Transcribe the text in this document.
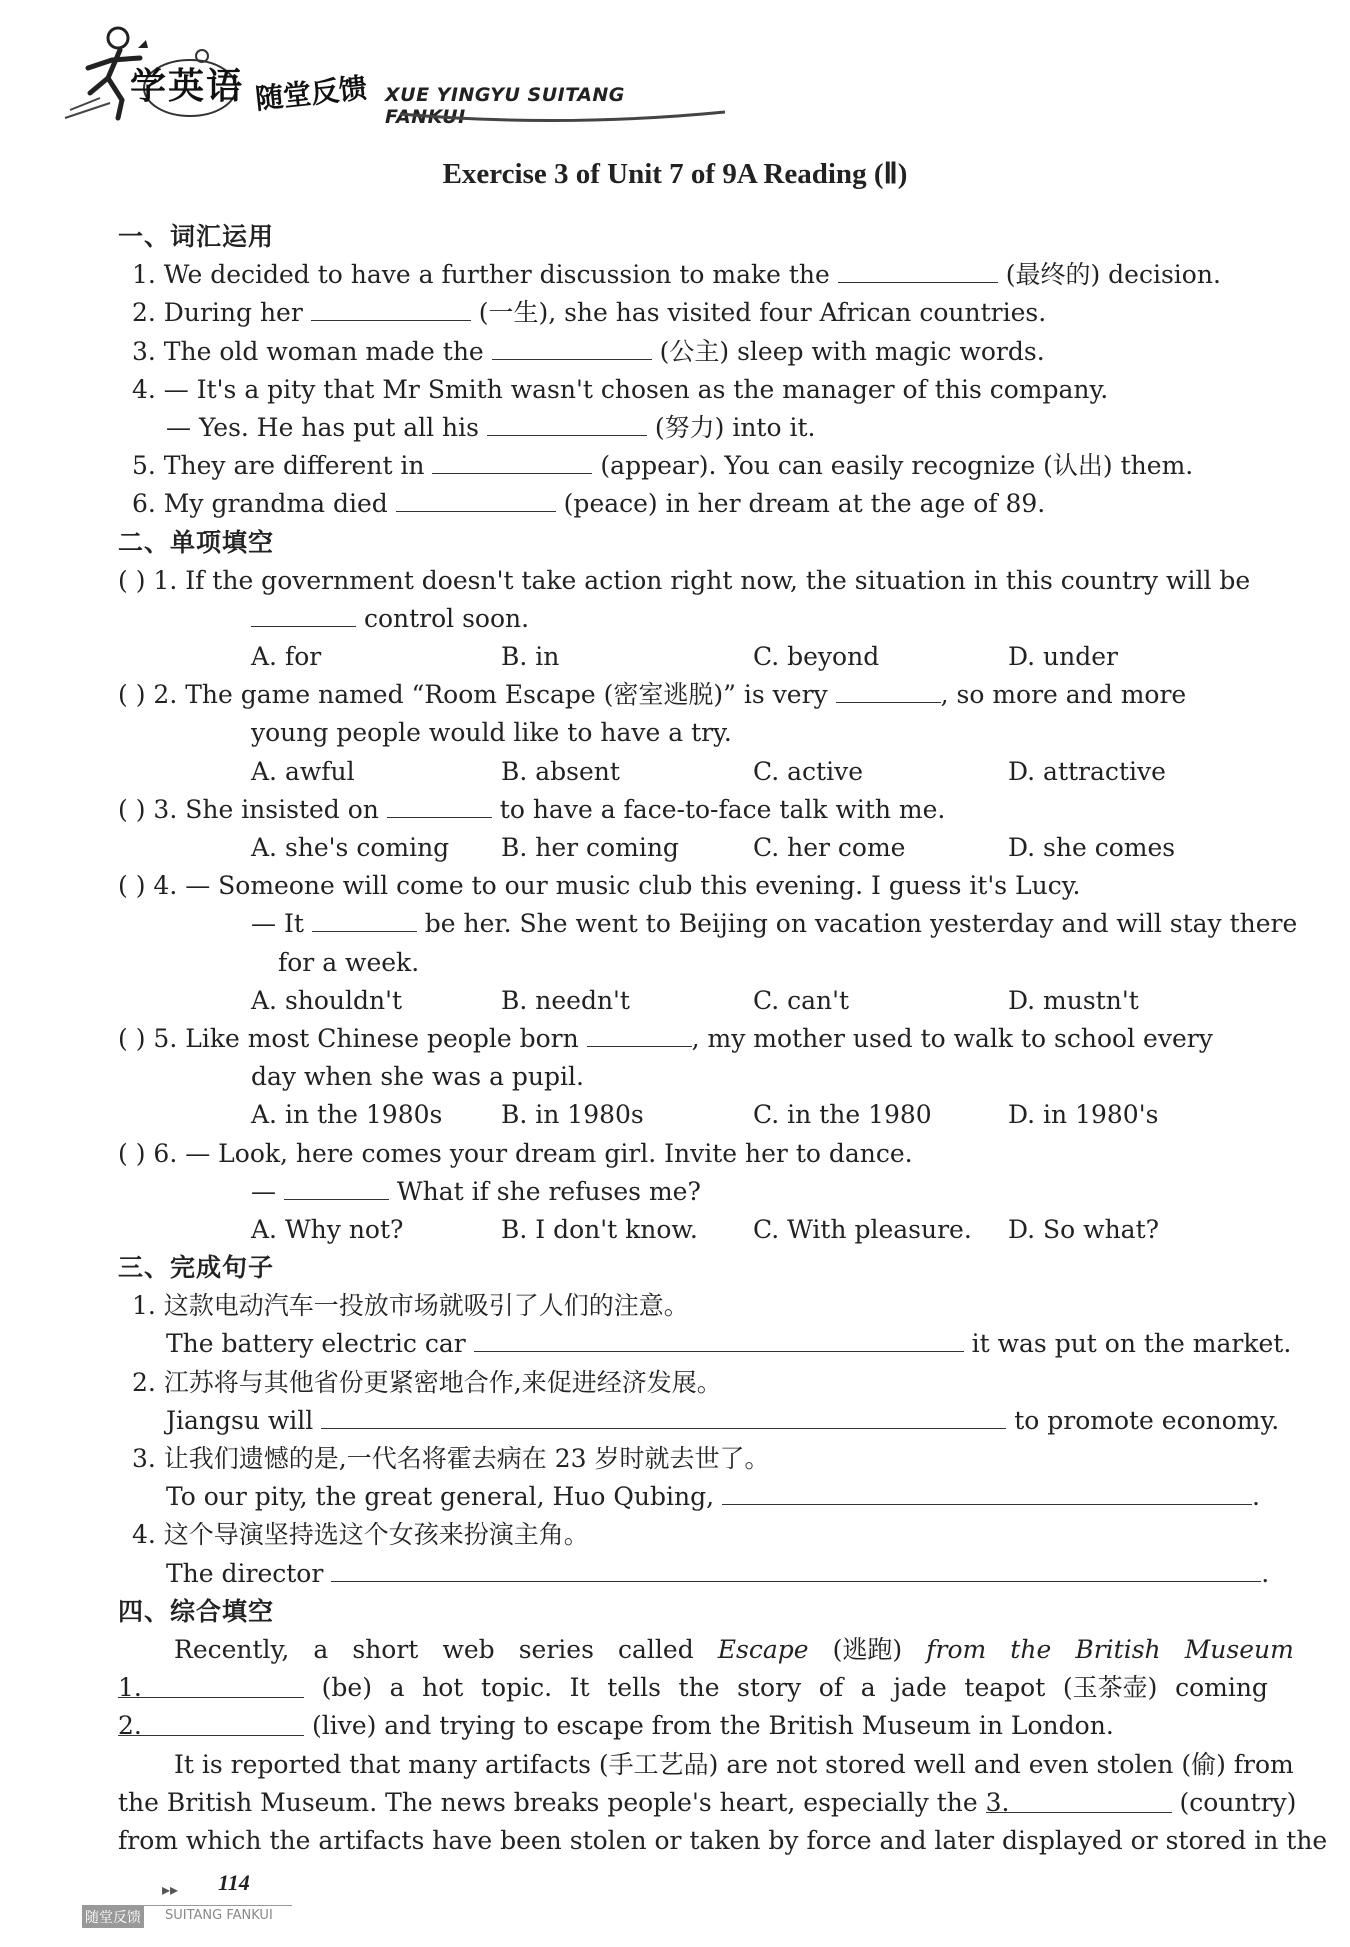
学英语 随堂反馈 XUE YINGYU SUITANG FANKUI
Exercise 3 of Unit 7 of 9A Reading (Ⅱ)
一、词汇运用
1. We decided to have a further discussion to make the	(最终的) decision.
2. During her	(一生), she has visited four African countries.
3. The old woman made the	(公主) sleep with magic words.
4. — It's a pity that Mr Smith wasn't chosen as the manager of this company.
— Yes. He has put all his	(努力) into it.
5. They are different in	(appear). You can easily recognize (认出) them.
6. My grandma died	(peace) in her dream at the age of 89.
二、单项填空
( ) 1. If the government doesn't take action right now, the situation in this country will be
control soon.
A. for	B. in	C. beyond	D. under
( ) 2. The game named “Room Escape (密室逃脱)” is very	, so more and more
young people would like to have a try.
A. awful	B. absent	C. active	D. attractive
( ) 3. She insisted on	to have a face-to-face talk with me.
A. she's coming B. her coming	C. her come	D. she comes
( ) 4. — Someone will come to our music club this evening. I guess it's Lucy.
— It	be her. She went to Beijing on vacation yesterday and will stay there
for a week.
A. shouldn't	B. needn't	C. can't	D. mustn't
( ) 5. Like most Chinese people born	, my mother used to walk to school every
day when she was a pupil.
A. in the 1980s B. in 1980s	C. in the 1980	D. in 1980's
( ) 6. — Look, here comes your dream girl. Invite her to dance.
—	What if she refuses me?
A. Why not?	B. I don't know. C. With pleasure. D. So what?
三、完成句子
1. 这款电动汽车一投放市场就吸引了人们的注意。
The battery electric car	it was put on the market.
2. 江苏将与其他省份更紧密地合作,来促进经济发展。
Jiangsu will	to promote economy.
3. 让我们遗憾的是,一代名将霍去病在 23 岁时就去世了。
To our pity, the great general, Huo Qubing,	.
4. 这个导演坚持选这个女孩来扮演主角。
The director	.
四、综合填空
Recently, a short web series called Escape (逃跑) from the British Museum
1.	(be) a hot topic. It tells the story of a jade teapot (玉茶壶) coming
2.	(live) and trying to escape from the British Museum in London.
It is reported that many artifacts (手工艺品) are not stored well and even stolen (偷) from
the British Museum. The news breaks people's heart, especially the 3.	(country)
from which the artifacts have been stolen or taken by force and later displayed or stored in the
▸▸ 114
随堂反馈 SUITANG FANKUI
